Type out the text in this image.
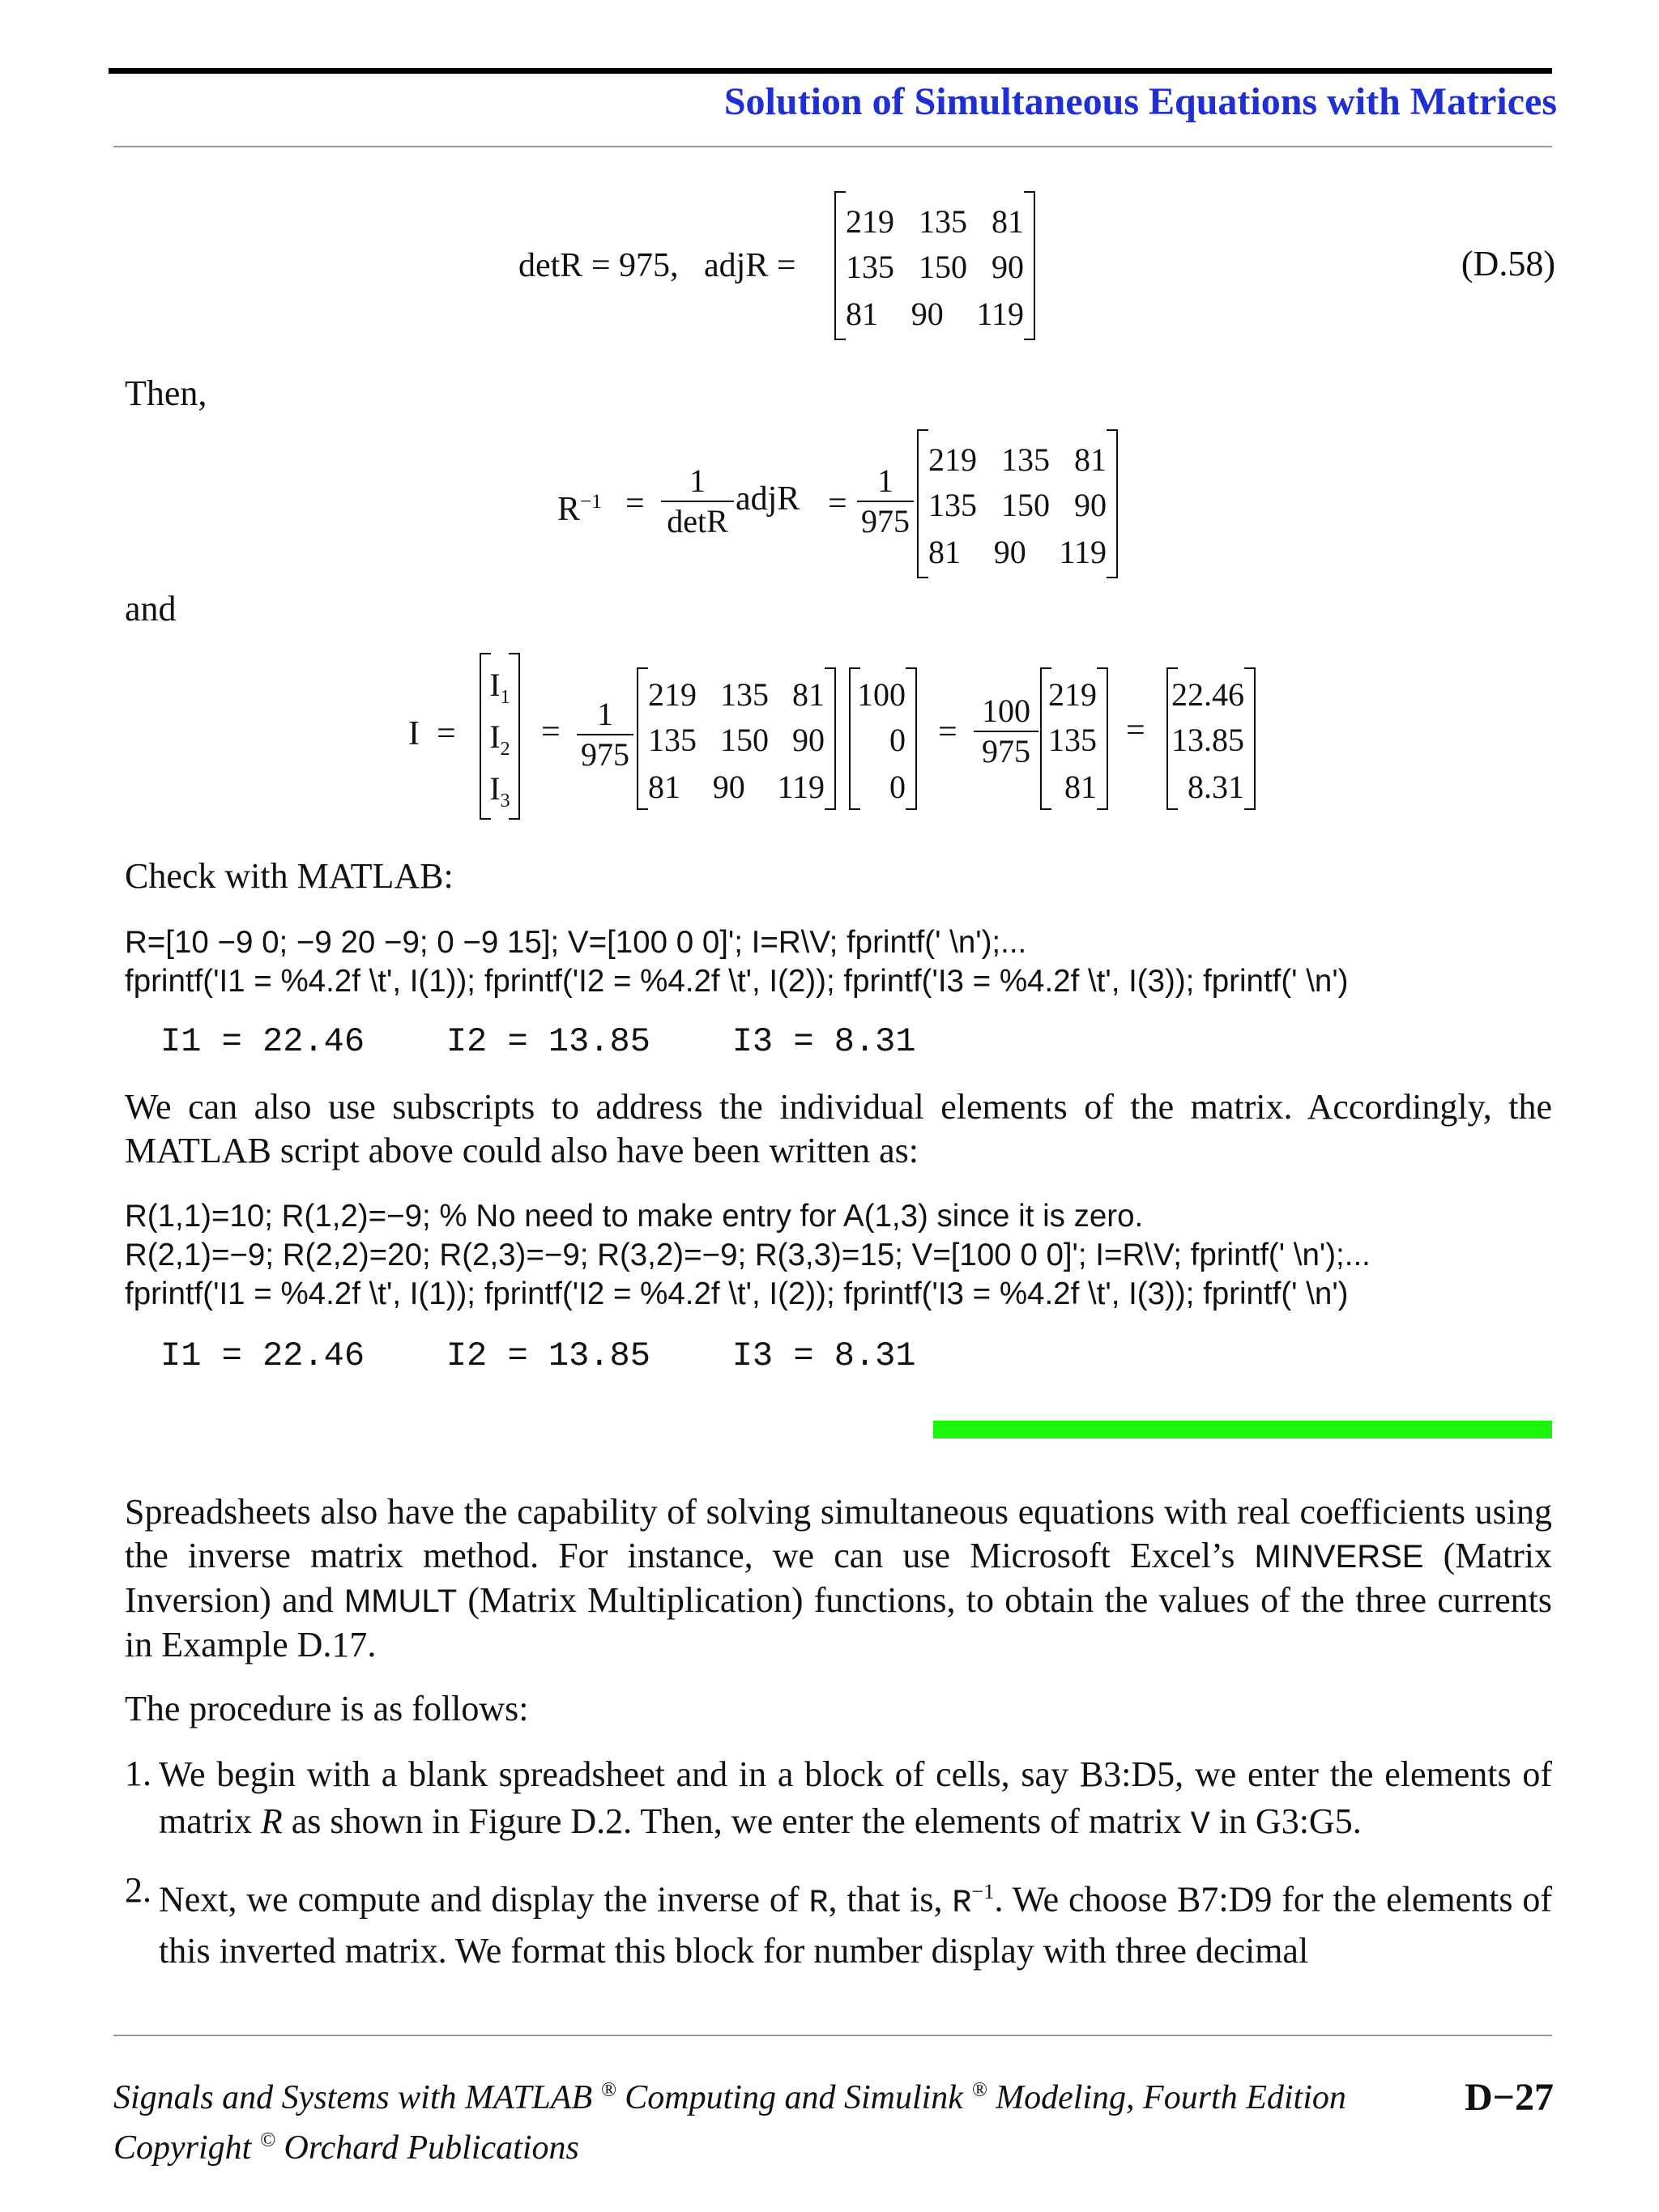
Solution of Simultaneous Equations with Matrices
detR = 975,   adjR =
219 135 81
135 150 90
81 90 119
(D.58)
Then,
$R^{-1}$ =
1
detR
adjR =
1
975
219 135 81
135 150 90
81 90 119
and
I  =
$I_1$
$I_2$
$I_3$
=	1
975
219 135 81
135 150 90
81 90 119
100
0
0
=
100
975
219
135
81
=
22.46
13.85
8.31
Check with MATLAB:
R=[10 −9 0; −9 20 −9; 0 −9 15]; V=[100 0 0]'; I=R\V; fprintf(' \n');...
fprintf('I1 = %4.2f \t', I(1)); fprintf('I2 = %4.2f \t', I(2)); fprintf('I3 = %4.2f \t', I(3)); fprintf(' \n')
I1 = 22.46    I2 = 13.85    I3 = 8.31
We can also use subscripts to address the individual elements of the matrix. Accordingly, the MATLAB script above could also have been written as:
R(1,1)=10; R(1,2)=−9; % No need to make entry for A(1,3) since it is zero.
R(2,1)=−9; R(2,2)=20; R(2,3)=−9; R(3,2)=−9; R(3,3)=15; V=[100 0 0]'; I=R\V; fprintf(' \n');...
fprintf('I1 = %4.2f \t', I(1)); fprintf('I2 = %4.2f \t', I(2)); fprintf('I3 = %4.2f \t', I(3)); fprintf(' \n')
I1 = 22.46    I2 = 13.85    I3 = 8.31
Spreadsheets also have the capability of solving simultaneous equations with real coefficients using the inverse matrix method. For instance, we can use Microsoft Excel’s MINVERSE (Matrix Inversion) and MMULT (Matrix Multiplication) functions, to obtain the values of the three currents in Example D.17.
The procedure is as follows:
1. We begin with a blank spreadsheet and in a block of cells, say B3:D5, we enter the elements of matrix R as shown in Figure D.2. Then, we enter the elements of matrix V in G3:G5.
2. Next, we compute and display the inverse of R, that is, $R^{-1}$. We choose B7:D9 for the elements of this inverted matrix. We format this block for number display with three decimal
Signals and Systems with MATLAB ® Computing and Simulink ® Modeling, Fourth Edition	D−27
Copyright © Orchard Publications
